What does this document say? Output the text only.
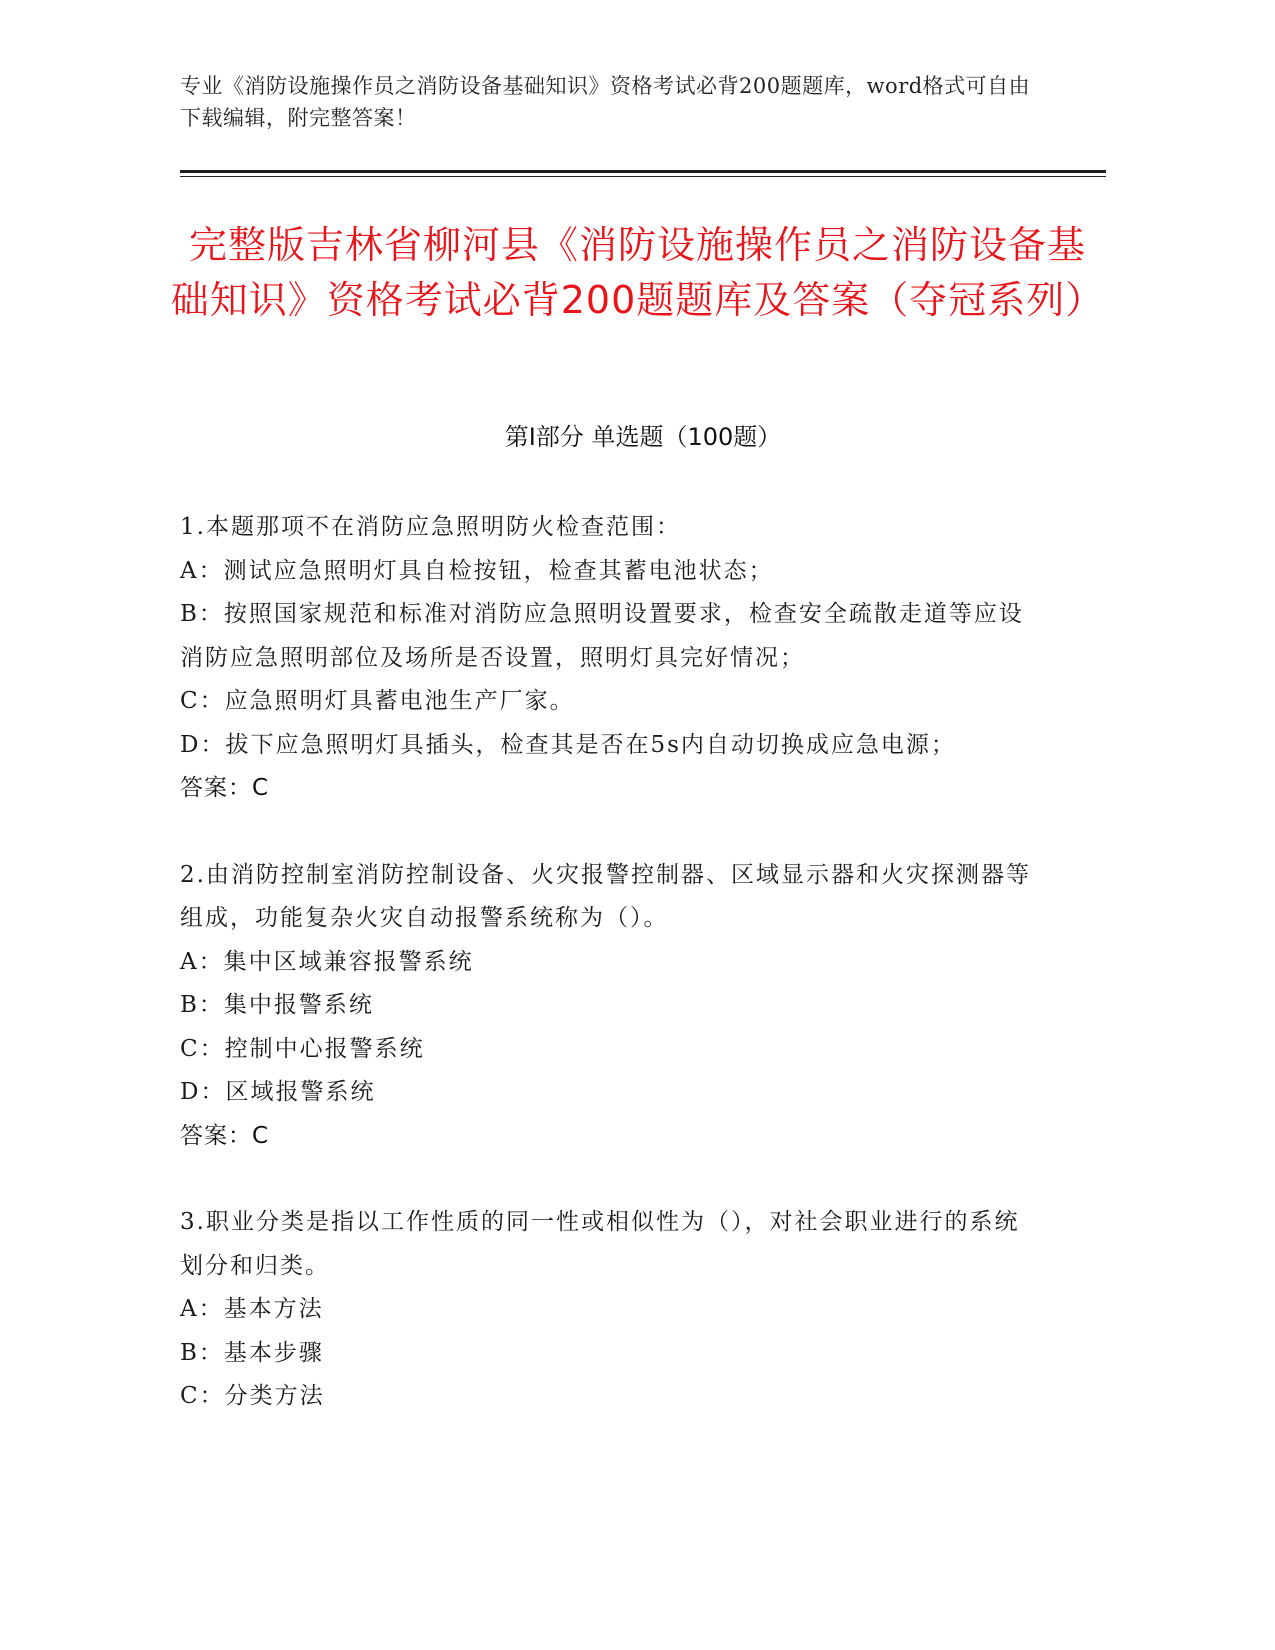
专业《消防设施操作员之消防设备基础知识》资格考试必背200题题库，word格式可自由下载编辑，附完整答案！
完整版吉林省柳河县《消防设施操作员之消防设备基础知识》资格考试必背200题题库及答案（夺冠系列）
第I部分 单选题（100题）
1.本题那项不在消防应急照明防火检查范围：
A：测试应急照明灯具自检按钮，检查其蓄电池状态；
B：按照国家规范和标准对消防应急照明设置要求，检查安全疏散走道等应设消防应急照明部位及场所是否设置，照明灯具完好情况；
C：应急照明灯具蓄电池生产厂家。
D：拔下应急照明灯具插头，检查其是否在5s内自动切换成应急电源；
答案：C
2.由消防控制室消防控制设备、火灾报警控制器、区域显示器和火灾探测器等组成，功能复杂火灾自动报警系统称为（）。
A：集中区域兼容报警系统
B：集中报警系统
C：控制中心报警系统
D：区域报警系统
答案：C
3.职业分类是指以工作性质的同一性或相似性为（），对社会职业进行的系统划分和归类。
A：基本方法
B：基本步骤
C：分类方法
